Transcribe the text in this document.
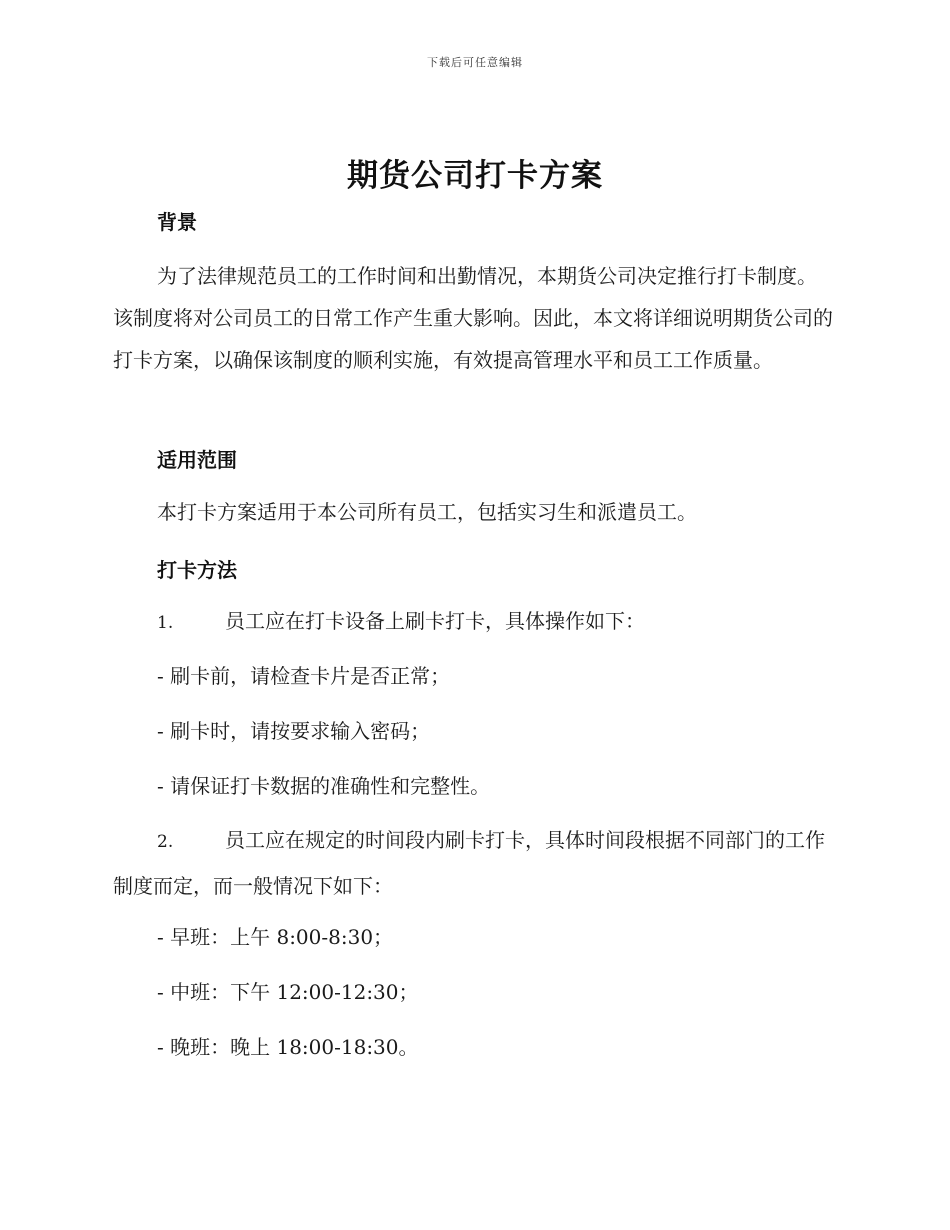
下载后可任意编辑
期货公司打卡方案
背景
为了法律规范员工的工作时间和出勤情况，本期货公司决定推行打卡制度。该制度将对公司员工的日常工作产生重大影响。因此，本文将详细说明期货公司的打卡方案，以确保该制度的顺利实施，有效提高管理水平和员工工作质量。
适用范围
本打卡方案适用于本公司所有员工，包括实习生和派遣员工。
打卡方法
1.	员工应在打卡设备上刷卡打卡，具体操作如下：
- 刷卡前，请检查卡片是否正常；
- 刷卡时，请按要求输入密码；
- 请保证打卡数据的准确性和完整性。
2.	员工应在规定的时间段内刷卡打卡，具体时间段根据不同部门的工作制度而定，而一般情况下如下：
- 早班：上午 8:00-8:30；
- 中班：下午 12:00-12:30；
- 晚班：晚上 18:00-18:30。
